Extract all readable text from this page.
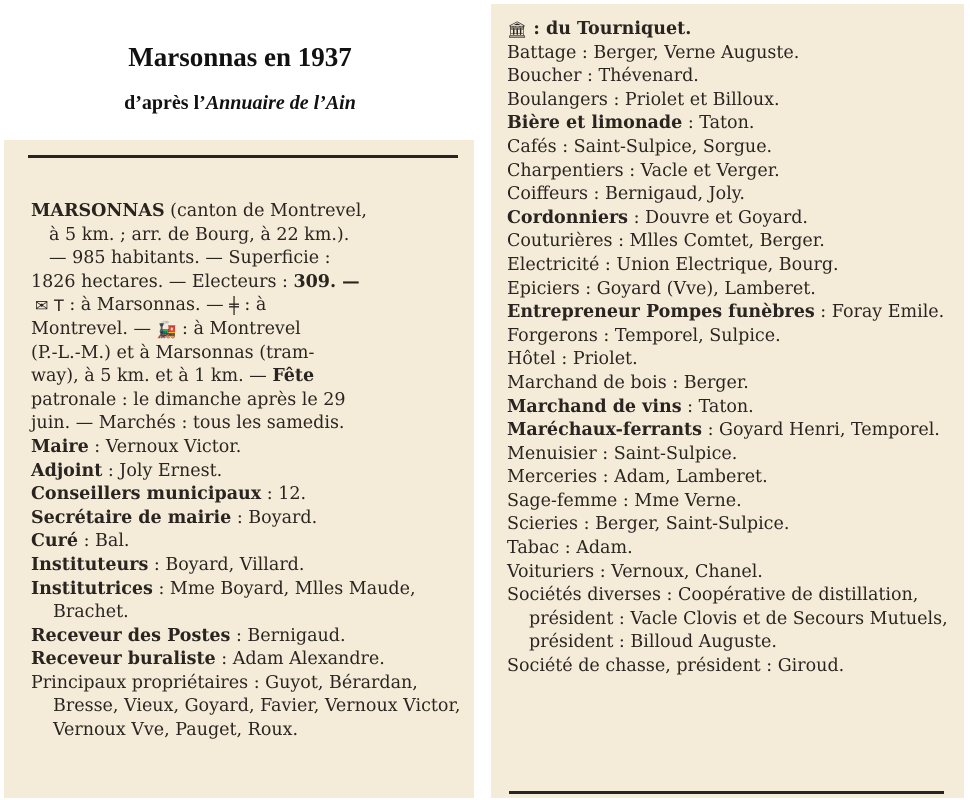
Marsonnas en 1937
d’après l’Annuaire de l’Ain

MARSONNAS (canton de Montrevel,

à 5 km. ; arr. de Bourg, à 22 km.).

— 985 habitants. — Superficie :

1826 hectares. — Electeurs : 309. —

✉ T : à Marsonnas. — ╪ : à

Montrevel. — 🚂 : à Montrevel

(P.-L.-M.) et à Marsonnas (tram-

way), à 5 km. et à 1 km. — Fête

patronale : le dimanche après le 29

juin. — Marchés : tous les samedis.

Maire : Vernoux Victor.

Adjoint : Joly Ernest.

Conseillers municipaux : 12.

Secrétaire de mairie : Boyard.

Curé : Bal.

Instituteurs : Boyard, Villard.

Institutrices : Mme Boyard, Mlles Maude, Brachet.

Receveur des Postes : Bernigaud.

Receveur buraliste : Adam Alexandre.

Principaux propriétaires : Guyot, Bérardan, Bresse, Vieux, Goyard, Favier, Vernoux Victor, Vernoux Vve, Pauget, Roux.

🏛 : du Tourniquet.

Battage : Berger, Verne Auguste.

Boucher : Thévenard.

Boulangers : Priolet et Billoux.

Bière et limonade : Taton.

Cafés : Saint-Sulpice, Sorgue.

Charpentiers : Vacle et Verger.

Coiffeurs : Bernigaud, Joly.

Cordonniers : Douvre et Goyard.

Couturières : Mlles Comtet, Berger.

Electricité : Union Electrique, Bourg.

Epiciers : Goyard (Vve), Lamberet.

Entrepreneur Pompes funèbres : Foray Emile.

Forgerons : Temporel, Sulpice.

Hôtel : Priolet.

Marchand de bois : Berger.

Marchand de vins : Taton.

Maréchaux-ferrants : Goyard Henri, Temporel.

Menuisier : Saint-Sulpice.

Merceries : Adam, Lamberet.

Sage-femme : Mme Verne.

Scieries : Berger, Saint-Sulpice.

Tabac : Adam.

Voituriers : Vernoux, Chanel.

Sociétés diverses : Coopérative de distillation, président : Vacle Clovis et de Secours Mutuels, président : Billoud Auguste.

Société de chasse, président : Giroud.
